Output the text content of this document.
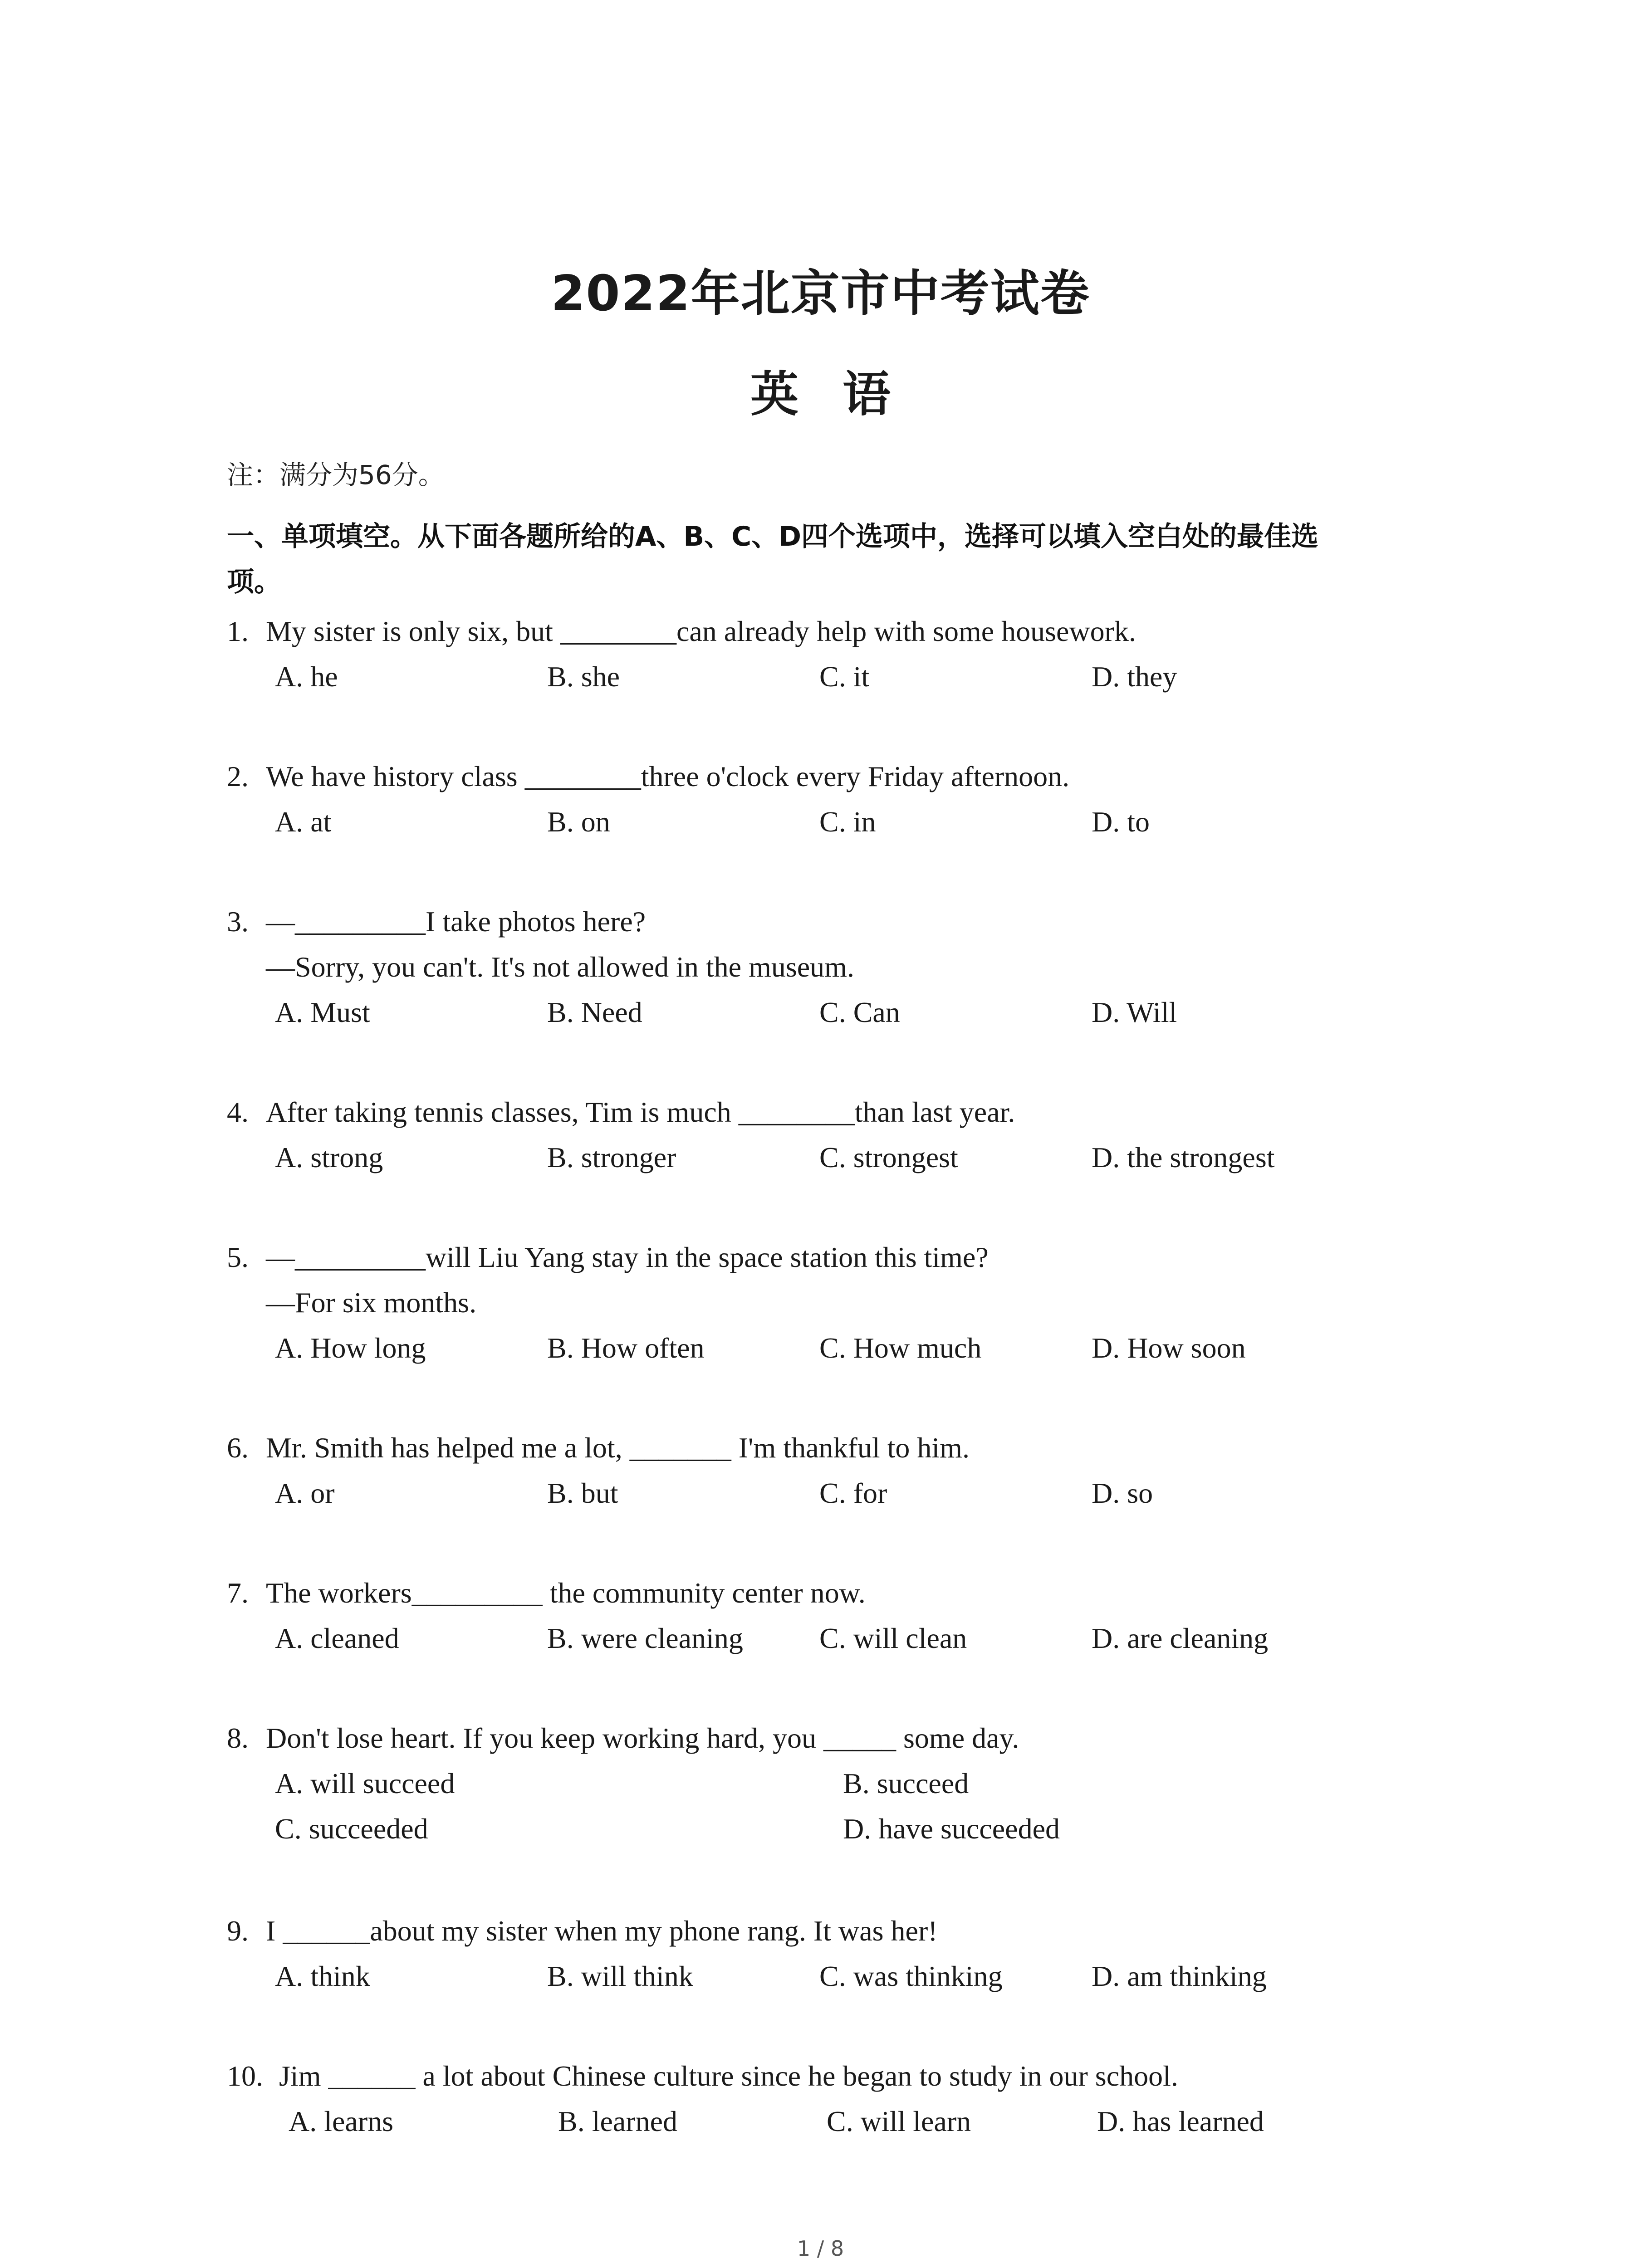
2022年北京市中考试卷
英 语
注：满分为56分。
一、单项填空。从下面各题所给的A、B、C、D四个选项中，选择可以填入空白处的最佳选
项。
1. My sister is only six, but ________can already help with some housework.
A. he	B. she	C. it	D. they
2. We have history class ________three o'clock every Friday afternoon.
A. at	B. on	C. in	D. to
3. —_________I take photos here?
—Sorry, you can't. It's not allowed in the museum.
A. Must	B. Need	C. Can	D. Will
4. After taking tennis classes, Tim is much ________than last year.
A. strong	B. stronger	C. strongest	D. the strongest
5. —_________will Liu Yang stay in the space station this time?
—For six months.
A. How long	B. How often	C. How much	D. How soon
6. Mr. Smith has helped me a lot, _______ I'm thankful to him.
A. or	B. but	C. for	D. so
7. The workers_________ the community center now.
A. cleaned	B. were cleaning	C. will clean	D. are cleaning
8. Don't lose heart. If you keep working hard, you _____ some day.
A. will succeed	B. succeed
C. succeeded	D. have succeeded
9. I ______about my sister when my phone rang. It was her!
A. think	B. will think	C. was thinking	D. am thinking
10. Jim ______ a lot about Chinese culture since he began to study in our school.
A. learns	B. learned	C. will learn	D. has learned
1 / 8
